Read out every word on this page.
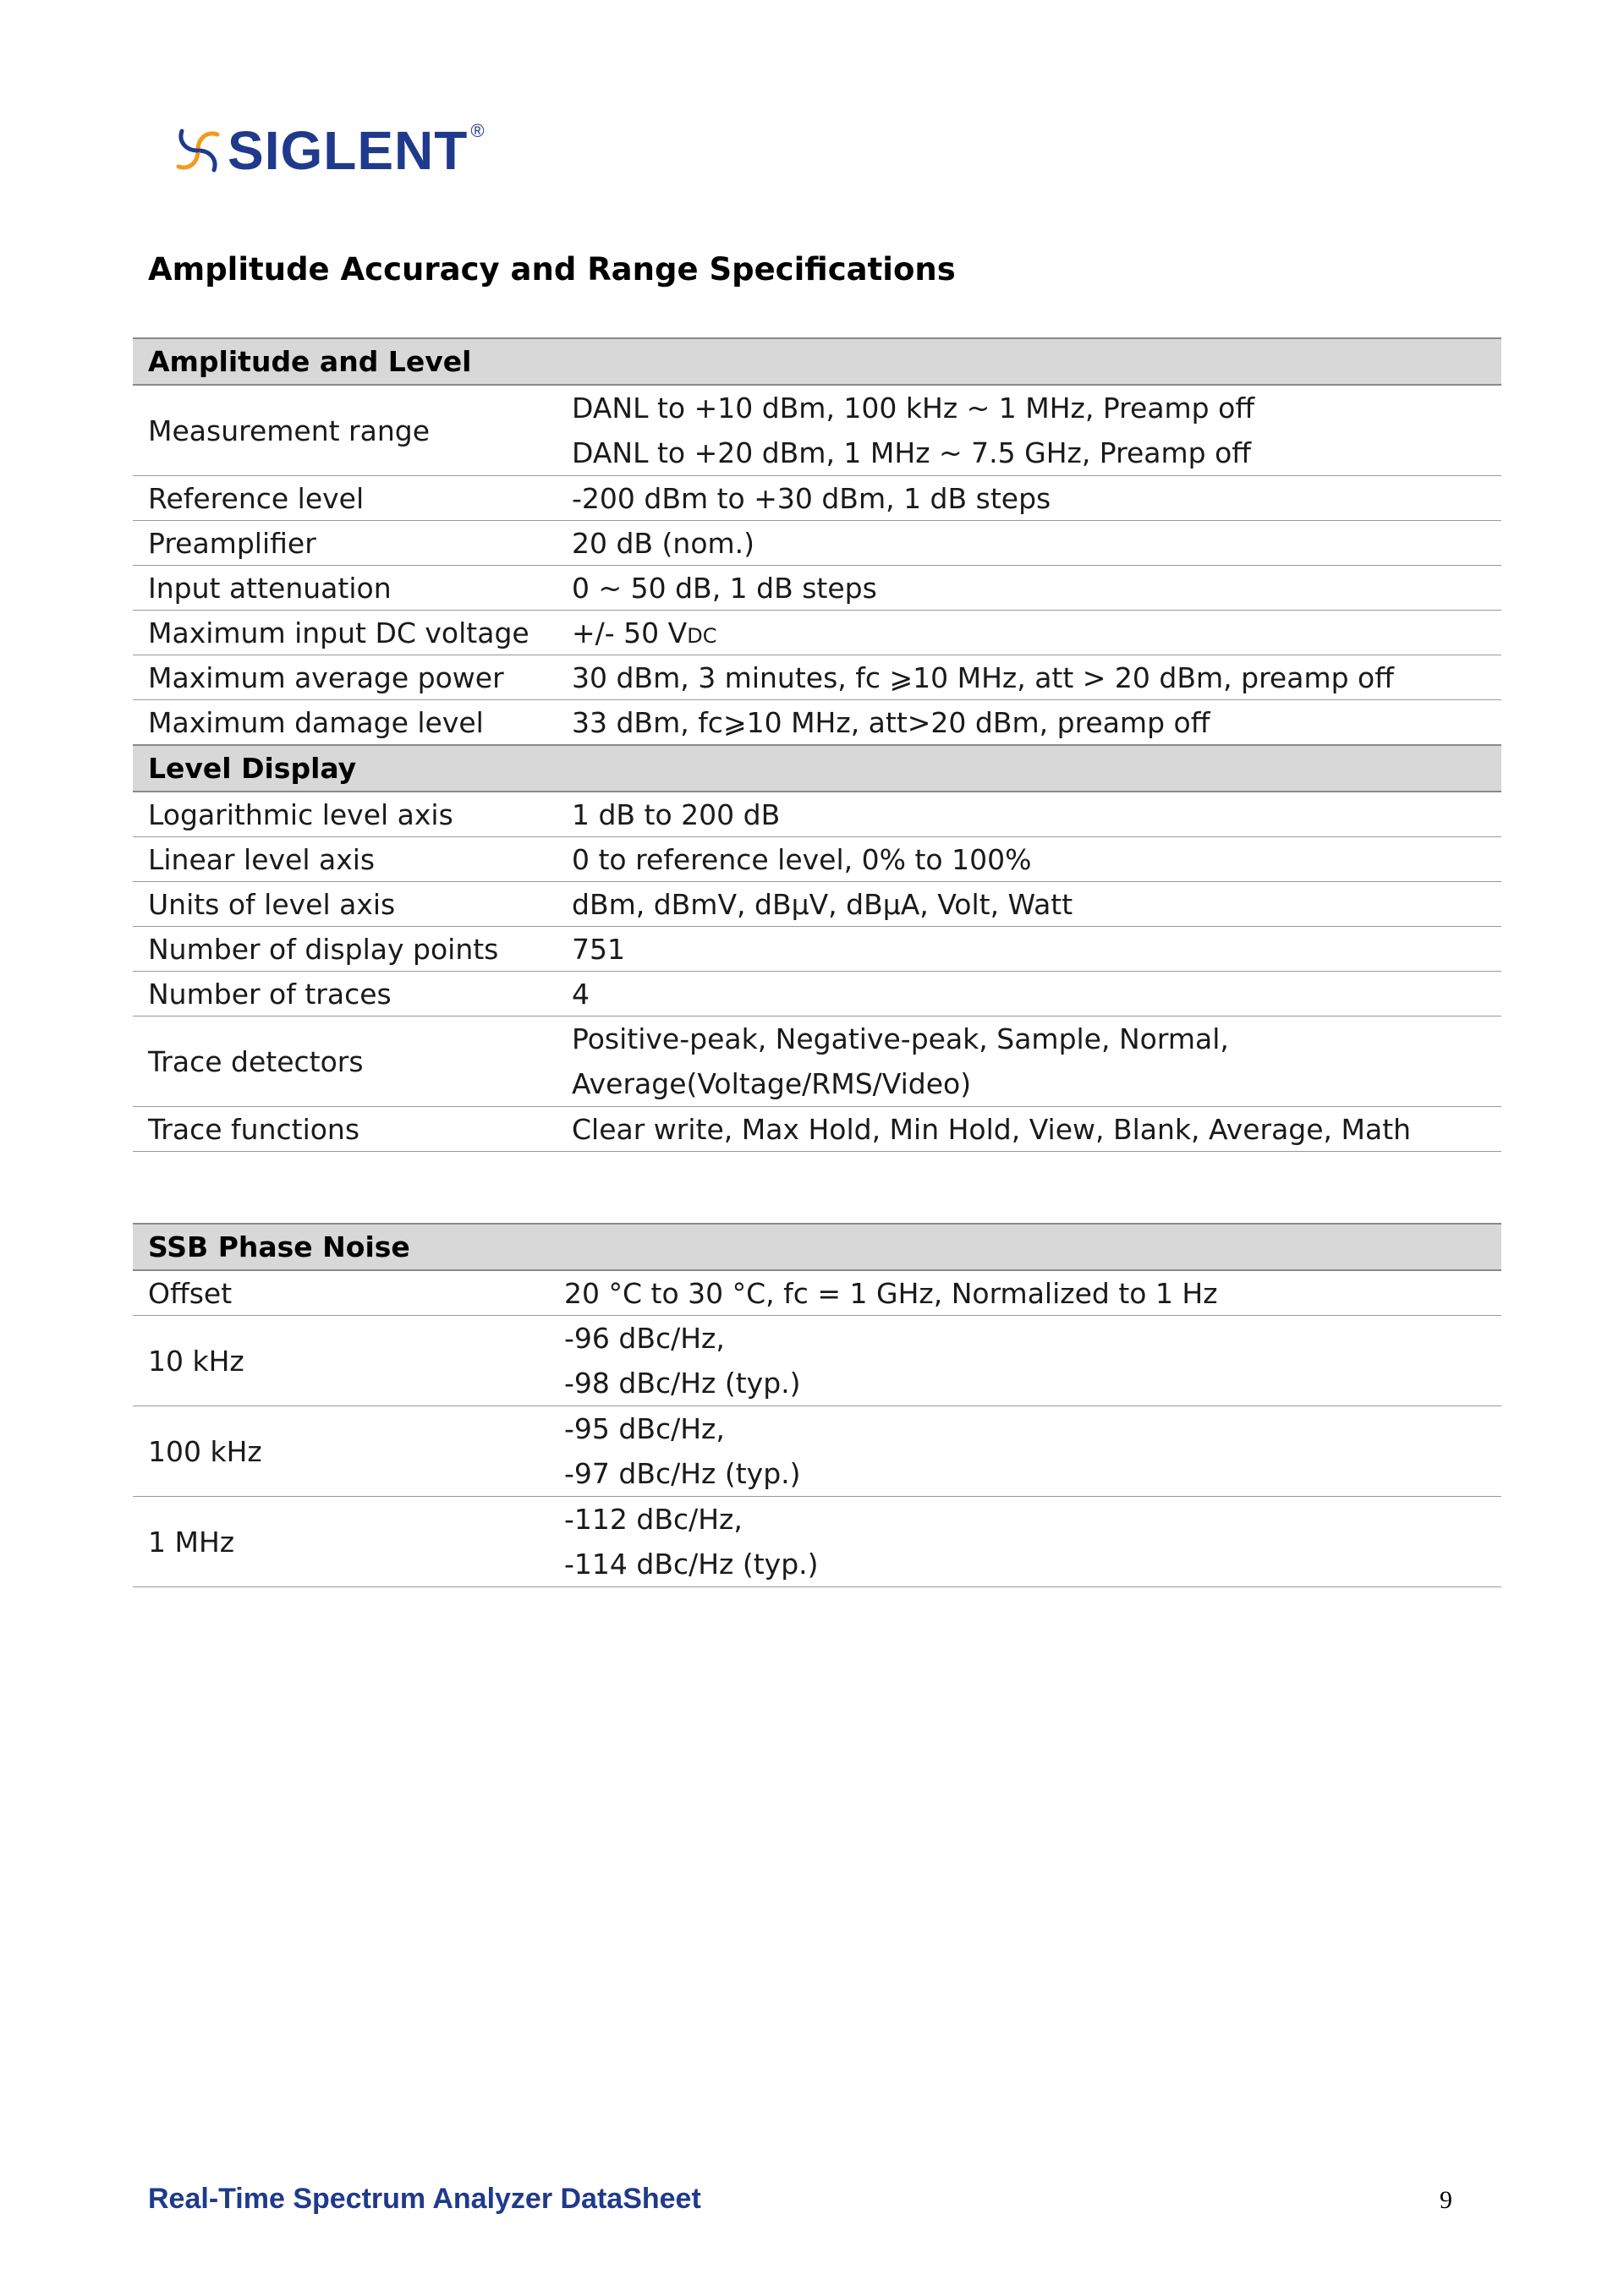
SIGLENT ®
Amplitude Accuracy and Range Specifications
Amplitude and Level	
Measurement range	DANL to +10 dBm, 100 kHz ~ 1 MHz, Preamp off
DANL to +20 dBm, 1 MHz ~ 7.5 GHz, Preamp off

Reference level	-200 dBm to +30 dBm, 1 dB steps
Preamplifier	20 dB (nom.)
Input attenuation	0 ~ 50 dB, 1 dB steps
Maximum input DC voltage	+/- 50 VDC
Maximum average power	30 dBm, 3 minutes, fc ⩾10 MHz, att > 20 dBm, preamp off
Maximum damage level	33 dBm, fc⩾10 MHz, att>20 dBm, preamp off
Level Display	
Logarithmic level axis	1 dB to 200 dB
Linear level axis	0 to reference level, 0% to 100%
Units of level axis	dBm, dBmV, dBμV, dBμA, Volt, Watt
Number of display points	751
Number of traces	4
Trace detectors	Positive-peak, Negative-peak, Sample, Normal,
Average(Voltage/RMS/Video)

Trace functions	Clear write, Max Hold, Min Hold, View, Blank, Average, Math
SSB Phase Noise	
Offset	20 °C to 30 °C, fc = 1 GHz, Normalized to 1 Hz
10 kHz	-96 dBc/Hz,
-98 dBc/Hz (typ.)

100 kHz	-95 dBc/Hz,
-97 dBc/Hz (typ.)

1 MHz	-112 dBc/Hz,
-114 dBc/Hz (typ.)
Real-Time Spectrum Analyzer DataSheet	9
